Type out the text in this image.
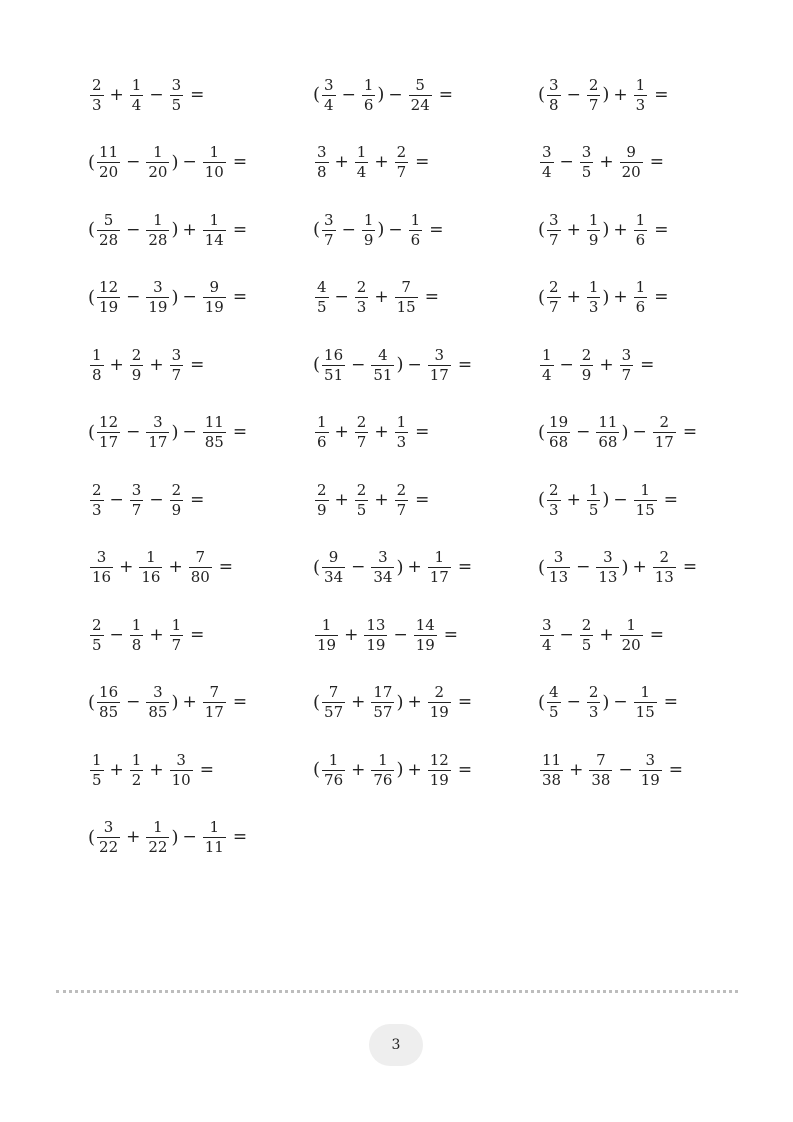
$\frac{2}{3} + \frac{1}{4} - \frac{3}{5}$ =	( $\frac{3}{4} - \frac{1}{6}$ ) − $\frac{5}{24}$ =	( $\frac{3}{8} - \frac{2}{7}$ ) + $\frac{1}{3}$ =
( $\frac{11}{20} - \frac{1}{20}$ ) − $\frac{1}{10}$ =	$\frac{3}{8} + \frac{1}{4} + \frac{2}{7}$ =	$\frac{3}{4} - \frac{3}{5} + \frac{9}{20}$ =
( $\frac{5}{28} - \frac{1}{28}$ ) + $\frac{1}{14}$ =	( $\frac{3}{7} - \frac{1}{9}$ ) − $\frac{1}{6}$ =	( $\frac{3}{7} + \frac{1}{9}$ ) + $\frac{1}{6}$ =
( $\frac{12}{19} - \frac{3}{19}$ ) − $\frac{9}{19}$ =	$\frac{4}{5} - \frac{2}{3} + \frac{7}{15}$ =	( $\frac{2}{7} + \frac{1}{3}$ ) + $\frac{1}{6}$ =
$\frac{1}{8} + \frac{2}{9} + \frac{3}{7}$ =	( $\frac{16}{51} - \frac{4}{51}$ ) − $\frac{3}{17}$ =	$\frac{1}{4} - \frac{2}{9} + \frac{3}{7}$ =
( $\frac{12}{17} - \frac{3}{17}$ ) − $\frac{11}{85}$ =	$\frac{1}{6} + \frac{2}{7} + \frac{1}{3}$ =	( $\frac{19}{68} - \frac{11}{68}$ ) − $\frac{2}{17}$ =
$\frac{2}{3} - \frac{3}{7} - \frac{2}{9}$ =	$\frac{2}{9} + \frac{2}{5} + \frac{2}{7}$ =	( $\frac{2}{3} + \frac{1}{5}$ ) − $\frac{1}{15}$ =
$\frac{3}{16} + \frac{1}{16} + \frac{7}{80}$ =	( $\frac{9}{34} - \frac{3}{34}$ ) + $\frac{1}{17}$ =	( $\frac{3}{13} - \frac{3}{13}$ ) + $\frac{2}{13}$ =
$\frac{2}{5} - \frac{1}{8} + \frac{1}{7}$ =	$\frac{1}{19} + \frac{13}{19} - \frac{14}{19}$ =	$\frac{3}{4} - \frac{2}{5} + \frac{1}{20}$ =
( $\frac{16}{85} - \frac{3}{85}$ ) + $\frac{7}{17}$ =	( $\frac{7}{57} + \frac{17}{57}$ ) + $\frac{2}{19}$ =	( $\frac{4}{5} - \frac{2}{3}$ ) − $\frac{1}{15}$ =
$\frac{1}{5} + \frac{1}{2} + \frac{3}{10}$ =	( $\frac{1}{76} + \frac{1}{76}$ ) + $\frac{12}{19}$ =	$\frac{11}{38} + \frac{7}{38} - \frac{3}{19}$ =
( $\frac{3}{22} + \frac{1}{22}$ ) − $\frac{1}{11}$ =
3
